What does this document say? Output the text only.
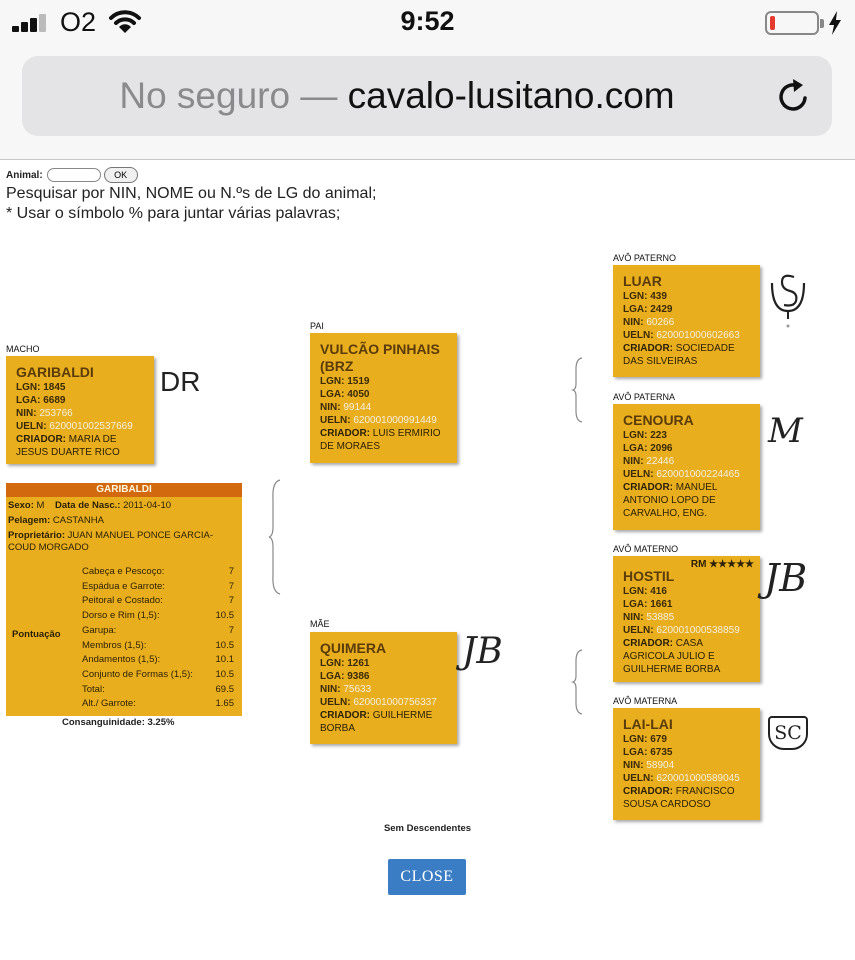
O2	9:52
No seguro — cavalo-lusitano.com
Animal:	OK
Pesquisar por NIN, NOME ou N.ºs de LG do animal;
* Usar o símbolo % para juntar várias palavras;
MACHO
GARIBALDI
LGN: 1845
LGA: 6689
NIN: 253766
UELN: 620001002537669
CRIADOR: MARIA DE JESUS DUARTE RICO
DR
GARIBALDI
Sexo: M Data de Nasc.: 2011-04-10
Pelagem: CASTANHA
Proprietário: JUAN MANUEL PONCE GARCIA-COUD MORGADO
Pontuação
Cabeça e Pescoço:	7
Espádua e Garrote:	7
Peitoral e Costado:	7
Dorso e Rim (1,5):	10.5
Garupa:	7
Membros (1,5):	10.5
Andamentos (1,5):	10.1
Conjunto de Formas (1,5): 10.5
Total:	69.5
Alt./ Garrote:	1.65
Consanguinidade: 3.25%
PAI
VULCÃO PINHAIS (BRZ
LGN: 1519
LGA: 4050
NIN: 99144
UELN: 620001000991449
CRIADOR: LUIS ERMIRIO DE MORAES
MÃE
QUIMERA
LGN: 1261
LGA: 9386
NIN: 75633
UELN: 620001000756337
CRIADOR: GUILHERME BORBA
JB
AVÔ PATERNO
LUAR
LGN: 439
LGA: 2429
NIN: 60266
UELN: 620001000602663
CRIADOR: SOCIEDADE DAS SILVEIRAS
AVÔ PATERNA
CENOURA
LGN: 223
LGA: 2096
NIN: 22446
UELN: 620001000224465
CRIADOR: MANUEL ANTONIO LOPO DE CARVALHO, ENG.
M
AVÔ MATERNO
RM ★★★★★
HOSTIL
LGN: 416
LGA: 1661
NIN: 53885
UELN: 620001000538859
CRIADOR: CASA AGRICOLA JULIO E GUILHERME BORBA
JB
AVÔ MATERNA
LAI-LAI
LGN: 679
LGA: 6735
NIN: 58904
UELN: 620001000589045
CRIADOR: FRANCISCO SOUSA CARDOSO
SC
Sem Descendentes
CLOSE
